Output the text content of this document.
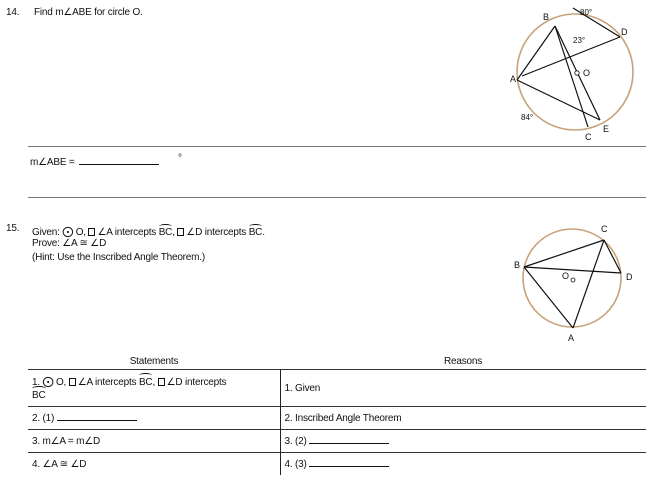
14. Find m∠ABE for circle O.	B
D
A
C
E
O
80°
23°
84°
m∠ABE =	°
15. Given: ⨀ O, ∠A intercepts BC, ∠D intercepts BC.
Prove: ∠A ≅ ∠D
(Hint: Use the Inscribed Angle Theorem.)
C
B
O	D
A
Statements	Reasons
1. ⨀ O, ∠A intercepts BC, ∠D intercepts
BC	1. Given
2. (1)	2. Inscribed Angle Theorem
3. m∠A = m∠D	3. (2)
4. ∠A ≅ ∠D	4. (3)
